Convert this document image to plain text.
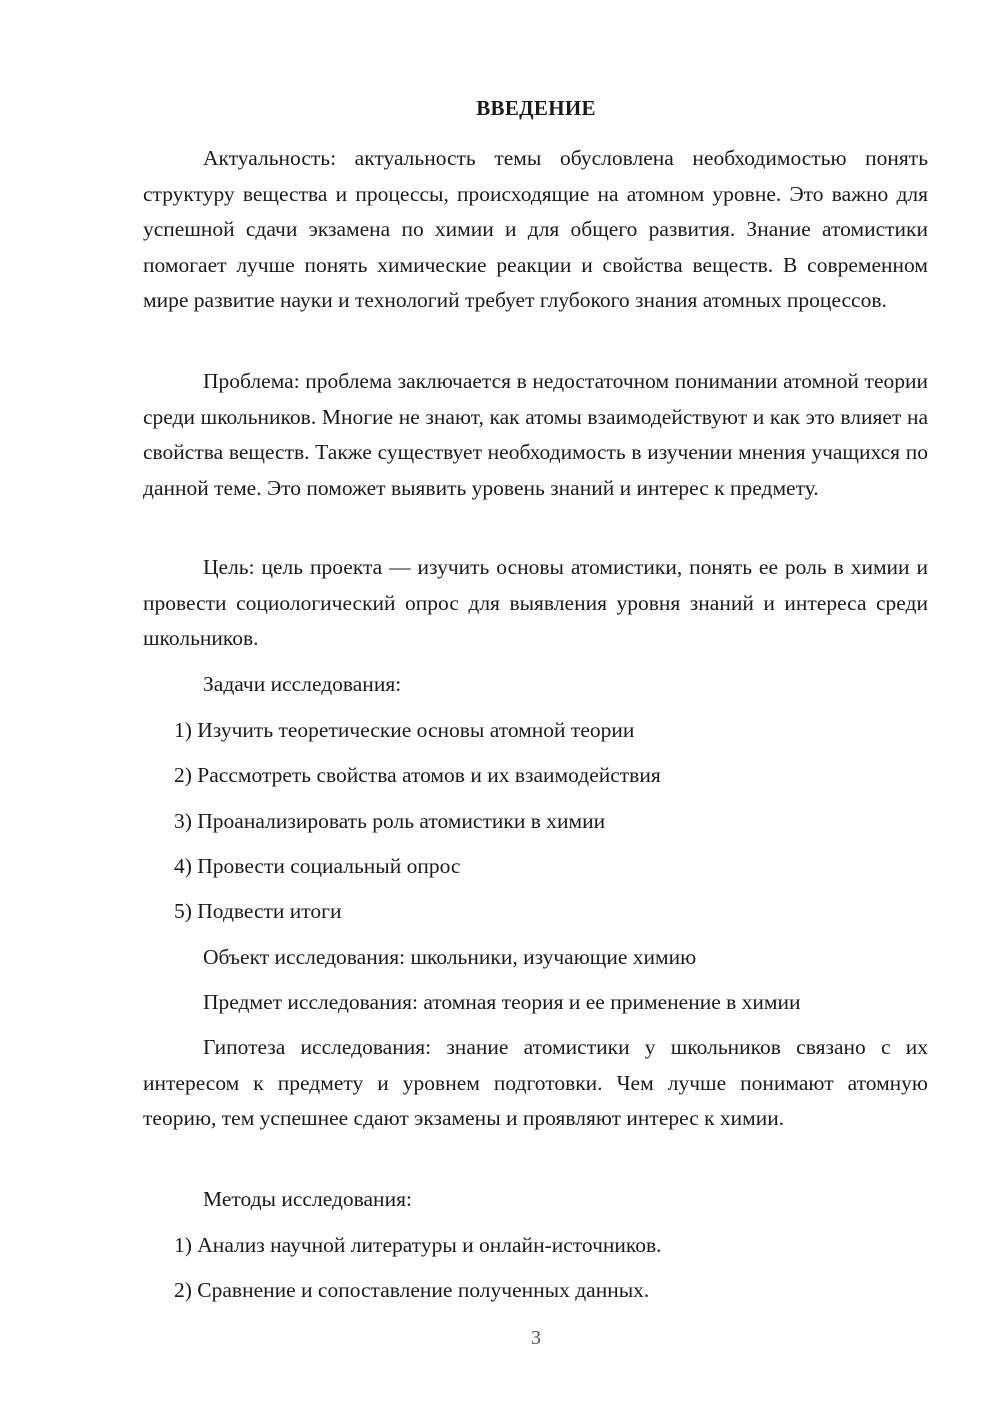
ВВЕДЕНИЕ
Актуальность: актуальность темы обусловлена необходимостью понять структуру вещества и процессы, происходящие на атомном уровне. Это важно для успешной сдачи экзамена по химии и для общего развития. Знание атомистики помогает лучше понять химические реакции и свойства веществ. В современном мире развитие науки и технологий требует глубокого знания атомных процессов.
Проблема: проблема заключается в недостаточном понимании атомной теории среди школьников. Многие не знают, как атомы взаимодействуют и как это влияет на свойства веществ. Также существует необходимость в изучении мнения учащихся по данной теме. Это поможет выявить уровень знаний и интерес к предмету.
Цель: цель проекта — изучить основы атомистики, понять ее роль в химии и провести социологический опрос для выявления уровня знаний и интереса среди школьников.
Задачи исследования:
1) Изучить теоретические основы атомной теории
2) Рассмотреть свойства атомов и их взаимодействия
3) Проанализировать роль атомистики в химии
4) Провести социальный опрос
5) Подвести итоги
Объект исследования: школьники, изучающие химию
Предмет исследования: атомная теория и ее применение в химии
Гипотеза исследования: знание атомистики у школьников связано с их интересом к предмету и уровнем подготовки. Чем лучше понимают атомную теорию, тем успешнее сдают экзамены и проявляют интерес к химии.
Методы исследования:
1) Анализ научной литературы и онлайн-источников.
2) Сравнение и сопоставление полученных данных.
3
